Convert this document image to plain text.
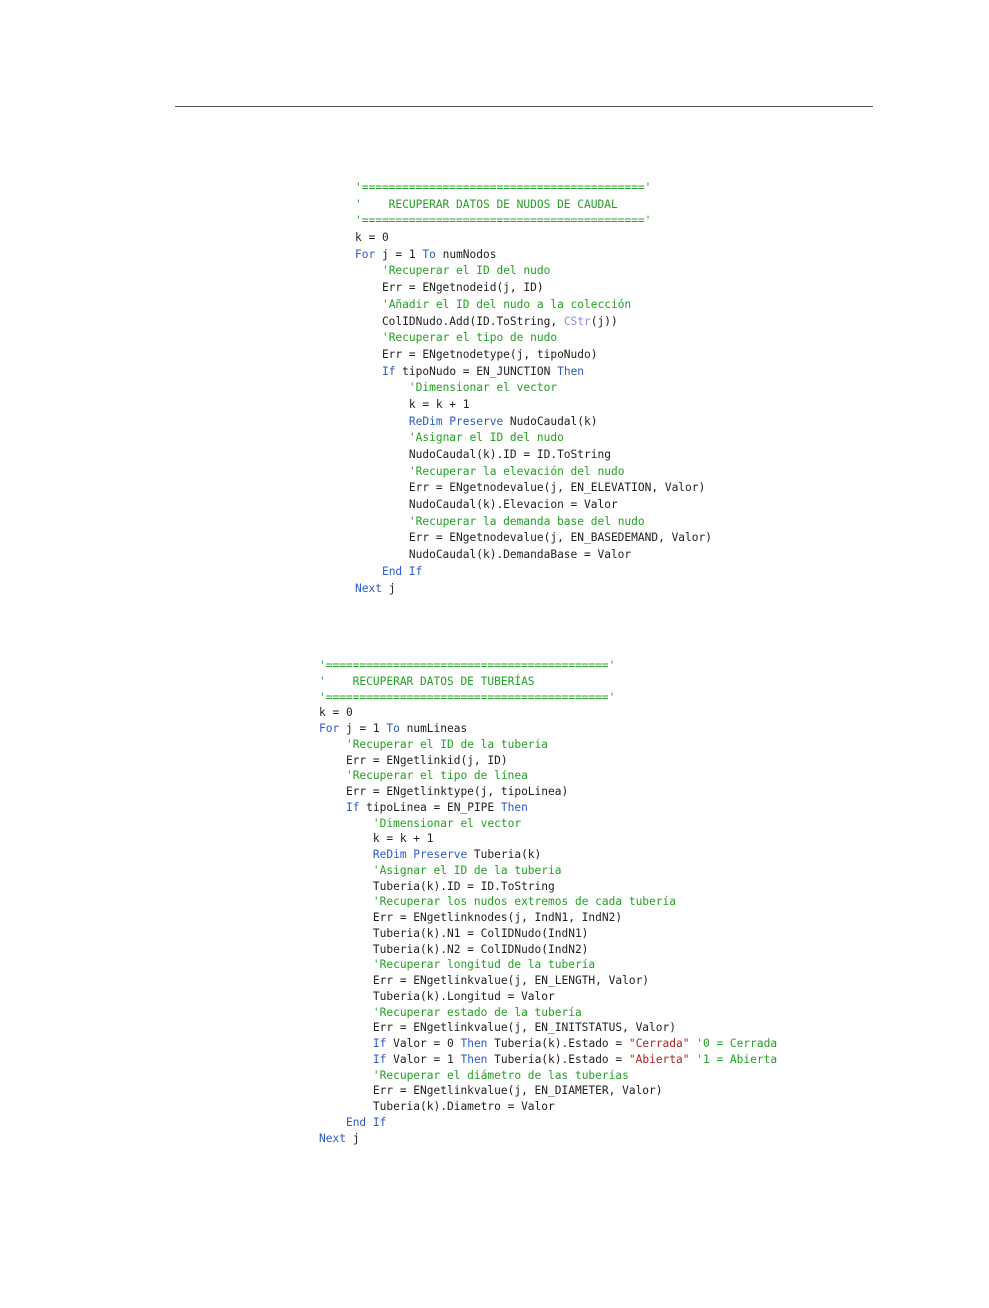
'=========================================='
'    RECUPERAR DATOS DE NUDOS DE CAUDAL
'=========================================='
k = 0
For j = 1 To numNodos
'Recuperar el ID del nudo
Err = ENgetnodeid(j, ID)
'Añadir el ID del nudo a la colección
ColIDNudo.Add(ID.ToString, CStr(j))
'Recuperar el tipo de nudo
Err = ENgetnodetype(j, tipoNudo)
If tipoNudo = EN_JUNCTION Then
'Dimensionar el vector
k = k + 1
ReDim Preserve NudoCaudal(k)
'Asignar el ID del nudo
NudoCaudal(k).ID = ID.ToString
'Recuperar la elevación del nudo
Err = ENgetnodevalue(j, EN_ELEVATION, Valor)
NudoCaudal(k).Elevacion = Valor
'Recuperar la demanda base del nudo
Err = ENgetnodevalue(j, EN_BASEDEMAND, Valor)
NudoCaudal(k).DemandaBase = Valor
End If
Next j
'=========================================='
'    RECUPERAR DATOS DE TUBERÍAS
'=========================================='
k = 0
For j = 1 To numLineas
'Recuperar el ID de la tuberia
Err = ENgetlinkid(j, ID)
'Recuperar el tipo de línea
Err = ENgetlinktype(j, tipoLinea)
If tipoLinea = EN_PIPE Then
'Dimensionar el vector
k = k + 1
ReDim Preserve Tuberia(k)
'Asignar el ID de la tuberia
Tuberia(k).ID = ID.ToString
'Recuperar los nudos extremos de cada tubería
Err = ENgetlinknodes(j, IndN1, IndN2)
Tuberia(k).N1 = ColIDNudo(IndN1)
Tuberia(k).N2 = ColIDNudo(IndN2)
'Recuperar longitud de la tubería
Err = ENgetlinkvalue(j, EN_LENGTH, Valor)
Tuberia(k).Longitud = Valor
'Recuperar estado de la tubería
Err = ENgetlinkvalue(j, EN_INITSTATUS, Valor)
If Valor = 0 Then Tuberia(k).Estado = "Cerrada" '0 = Cerrada
If Valor = 1 Then Tuberia(k).Estado = "Abierta" '1 = Abierta
'Recuperar el diámetro de las tuberías
Err = ENgetlinkvalue(j, EN_DIAMETER, Valor)
Tuberia(k).Diametro = Valor
End If
Next j
